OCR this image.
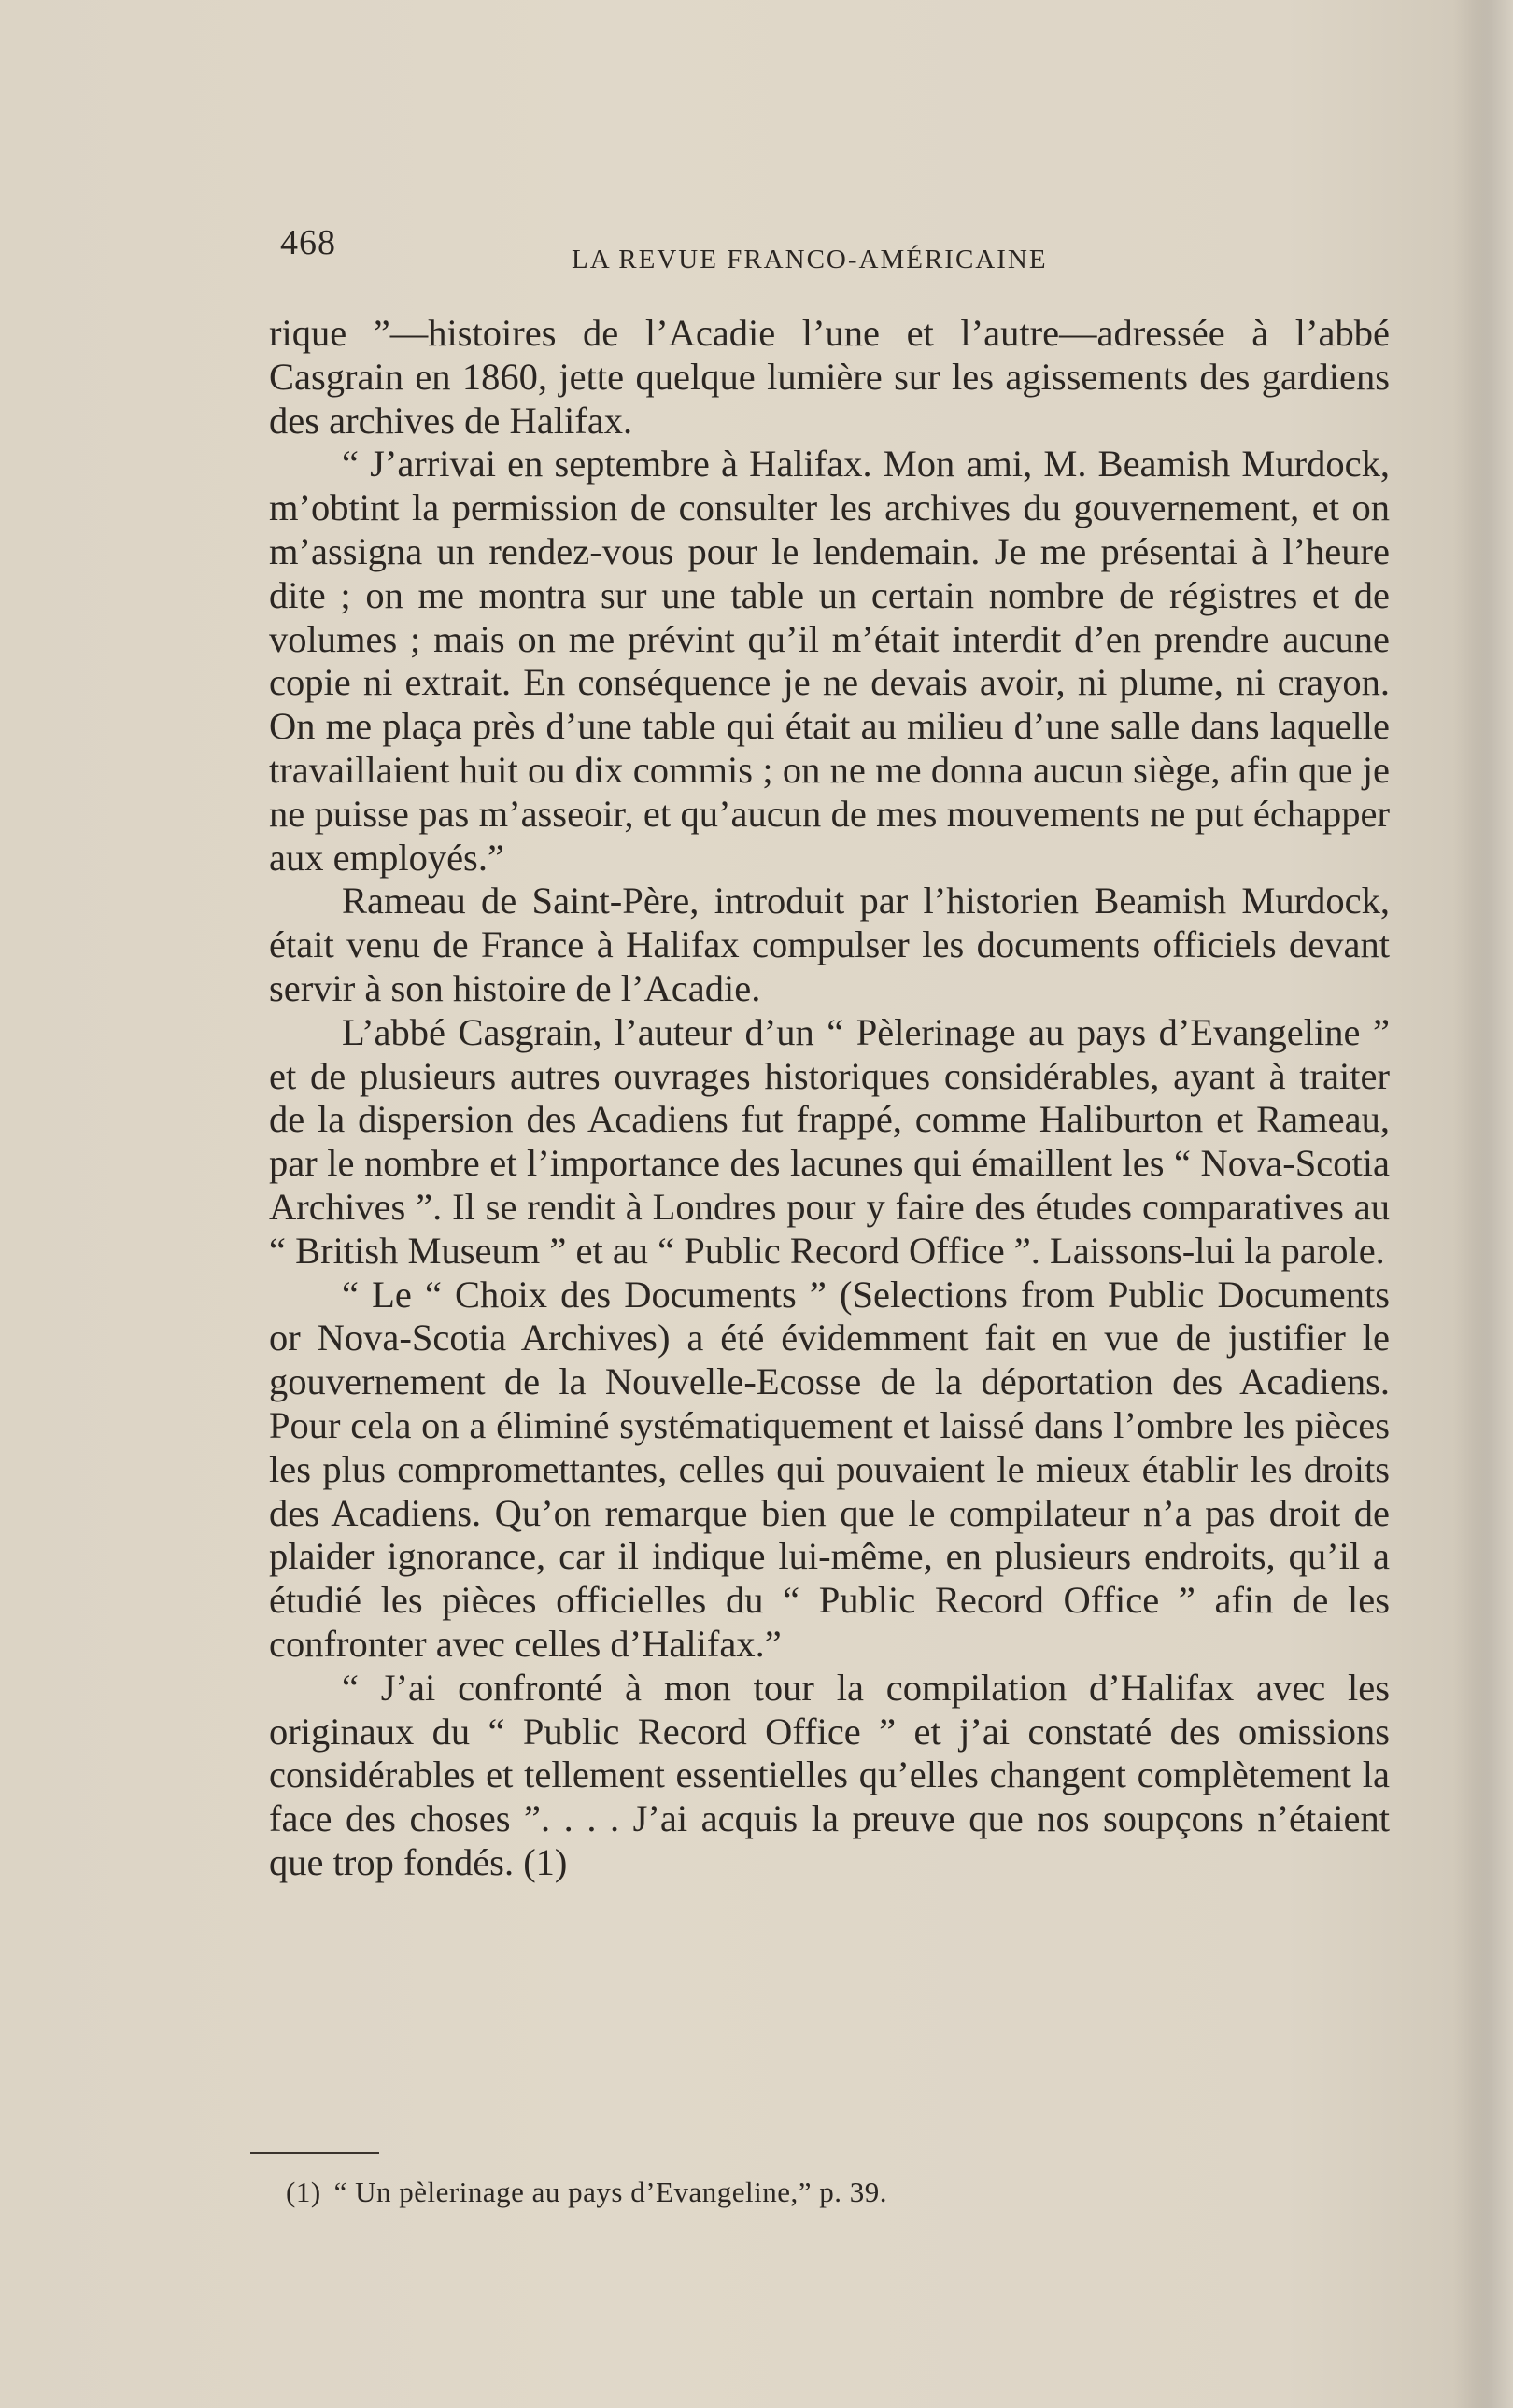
468	LA REVUE FRANCO-AMÉRICAINE

rique ”—histoires de l’Acadie l’une et l’autre—adressée à l’abbé Casgrain en 1860, jette quelque lumière sur les agissements des gardiens des archives de Halifax.

“ J’arrivai en septembre à Halifax. Mon ami, M. Beamish Murdock, m’obtint la permission de consulter les archives du gouvernement, et on m’assigna un rendez-vous pour le lendemain. Je me présentai à l’heure dite ; on me montra sur une table un certain nombre de régistres et de volumes ; mais on me prévint qu’il m’était interdit d’en prendre aucune copie ni extrait. En conséquence je ne devais avoir, ni plume, ni crayon. On me plaça près d’une table qui était au milieu d’une salle dans laquelle travaillaient huit ou dix commis ; on ne me donna aucun siège, afin que je ne puisse pas m’asseoir, et qu’aucun de mes mouvements ne put échapper aux employés.”

Rameau de Saint-Père, introduit par l’historien Beamish Murdock, était venu de France à Halifax compulser les documents officiels devant servir à son histoire de l’Acadie.

L’abbé Casgrain, l’auteur d’un “ Pèlerinage au pays d’Evangeline ” et de plusieurs autres ouvrages historiques considérables, ayant à traiter de la dispersion des Acadiens fut frappé, comme Haliburton et Rameau, par le nombre et l’importance des lacunes qui émaillent les “ Nova-Scotia Archives ”. Il se rendit à Londres pour y faire des études comparatives au “ British Museum ” et au “ Public Record Office ”. Laissons-lui la parole.

“ Le “ Choix des Documents ” (Selections from Public Documents or Nova-Scotia Archives) a été évidemment fait en vue de justifier le gouvernement de la Nouvelle-Ecosse de la déportation des Acadiens. Pour cela on a éliminé systématiquement et laissé dans l’ombre les pièces les plus compromettantes, celles qui pouvaient le mieux établir les droits des Acadiens. Qu’on remarque bien que le compilateur n’a pas droit de plaider ignorance, car il indique lui-même, en plusieurs endroits, qu’il a étudié les pièces officielles du “ Public Record Office ” afin de les confronter avec celles d’Halifax.”

“ J’ai confronté à mon tour la compilation d’Halifax avec les originaux du “ Public Record Office ” et j’ai constaté des omissions considérables et tellement essentielles qu’elles changent complètement la face des choses ”. . . . J’ai acquis la preuve que nos soupçons n’étaient que trop fondés. (1)

(1) “ Un pèlerinage au pays d’Evangeline,” p. 39.
